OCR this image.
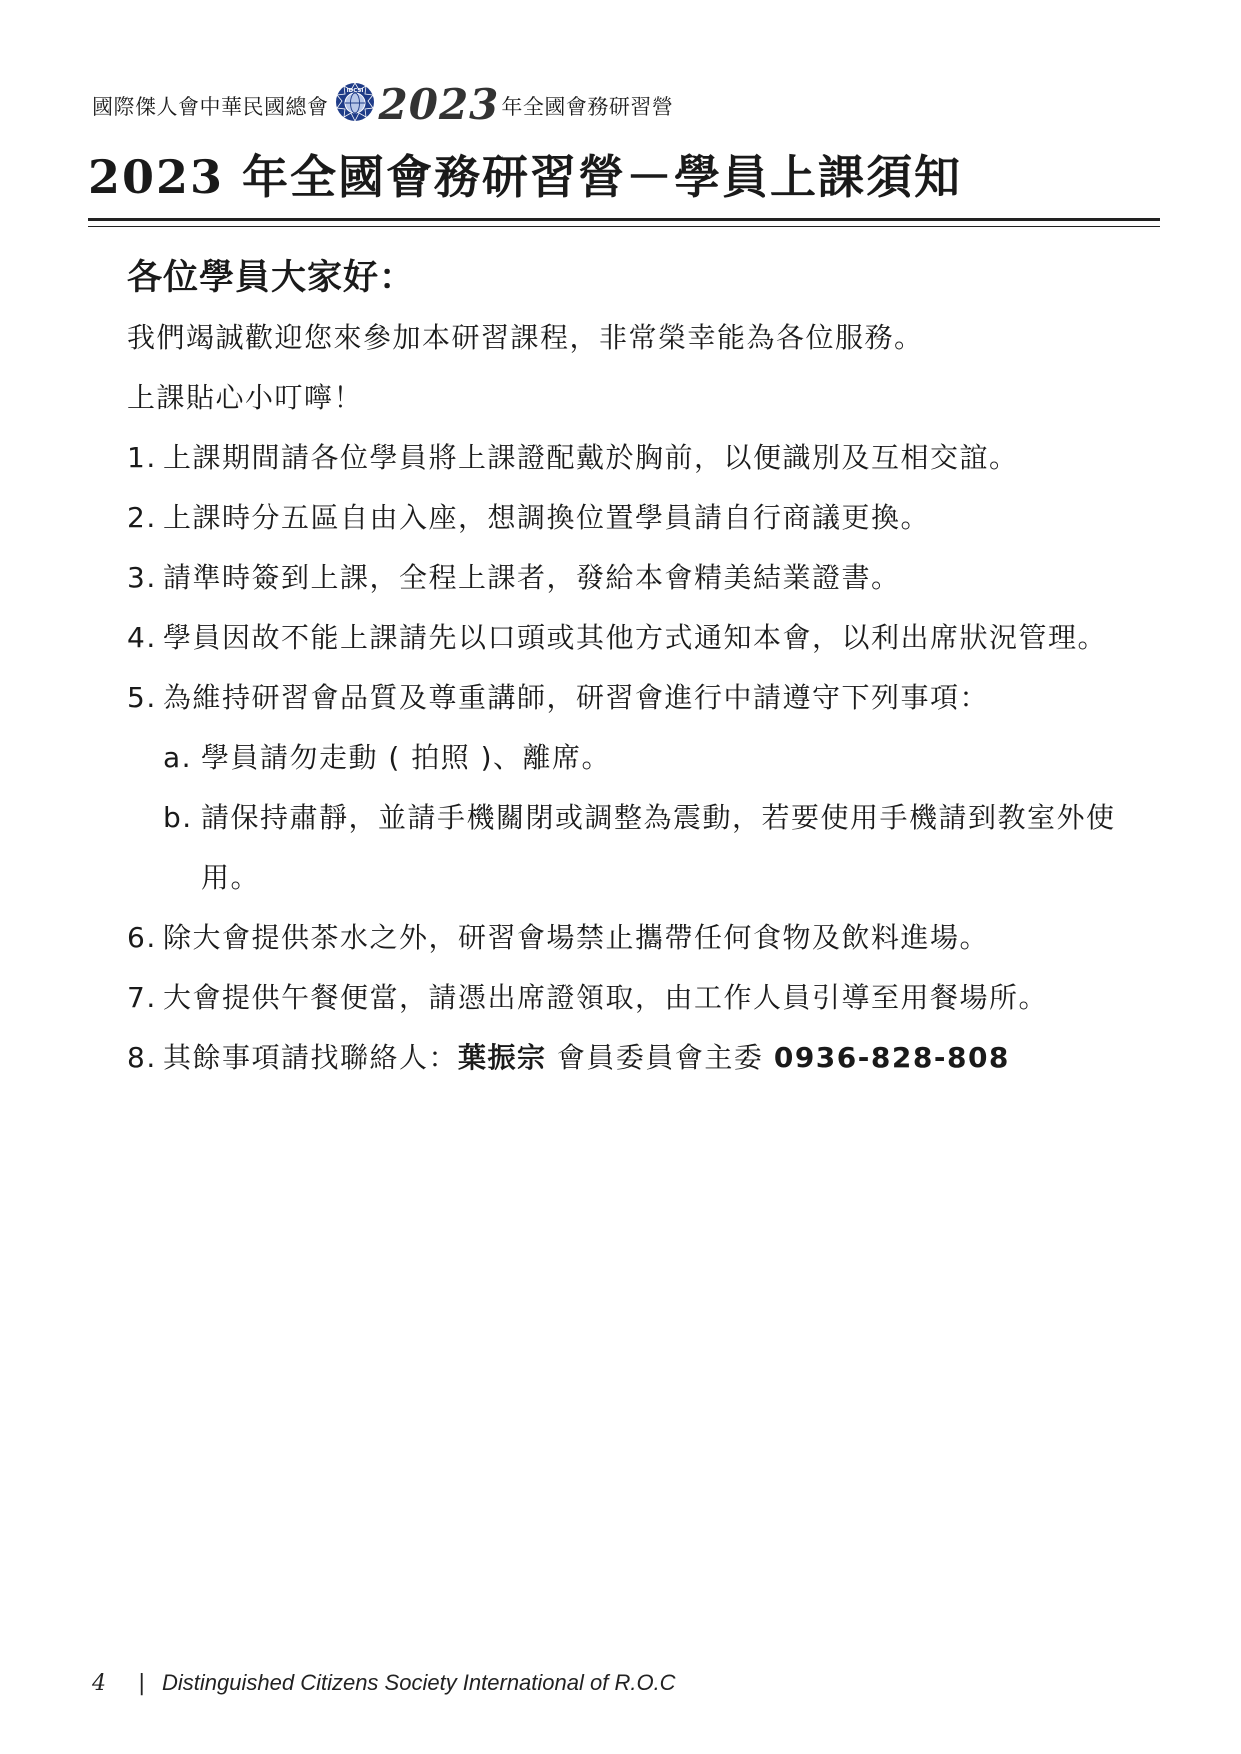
國際傑人會中華民國總會
IDCSI 2023 年全國會務研習營
2023 年全國會務研習營－學員上課須知
各位學員大家好：

我們竭誠歡迎您來參加本研習課程，非常榮幸能為各位服務。

上課貼心小叮嚀！

1. 上課期間請各位學員將上課證配戴於胸前，以便識別及互相交誼。
2. 上課時分五區自由入座，想調換位置學員請自行商議更換。
3. 請準時簽到上課，全程上課者，發給本會精美結業證書。
4. 學員因故不能上課請先以口頭或其他方式通知本會，以利出席狀況管理。
5. 為維持研習會品質及尊重講師，研習會進行中請遵守下列事項：
a. 學員請勿走動 ( 拍照 )、離席。
b. 請保持肅靜，並請手機關閉或調整為震動，若要使用手機請到教室外使用。
6. 除大會提供茶水之外，研習會場禁止攜帶任何食物及飲料進場。
7. 大會提供午餐便當，請憑出席證領取，由工作人員引導至用餐場所。
8. 其餘事項請找聯絡人：葉振宗 會員委員會主委 0936-828-808
4	| Distinguished Citizens Society International of R.O.C
